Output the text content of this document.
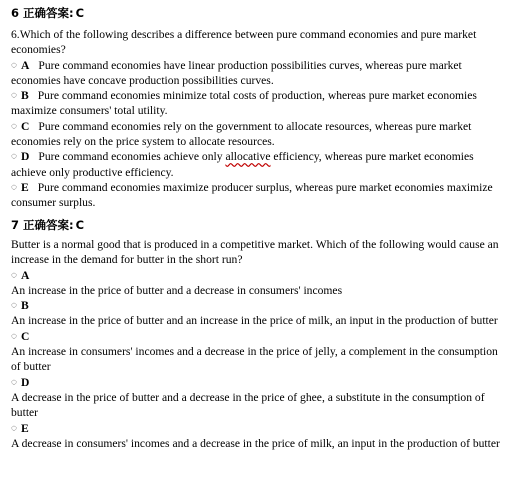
6 正确答案: C

6.Which of the following describes a difference between pure command economies and pure market economies?

◌ A Pure command economies have linear production possibilities curves, whereas pure market economies have concave production possibilities curves.

◌ B Pure command economies minimize total costs of production, whereas pure market economies maximize consumers' total utility.

◌ C Pure command economies rely on the government to allocate resources, whereas pure market economies rely on the price system to allocate resources.

◌ D Pure command economies achieve only allocative efficiency, whereas pure market economies achieve only productive efficiency.

◌ E Pure command economies maximize producer surplus, whereas pure market economies maximize consumer surplus.

7 正确答案: C

Butter is a normal good that is produced in a competitive market. Which of the following would cause an increase in the demand for butter in the short run?

◌ A
An increase in the price of butter and a decrease in consumers' incomes
◌ B
An increase in the price of butter and an increase in the price of milk, an input in the production of butter
◌ C
An increase in consumers' incomes and a decrease in the price of jelly, a complement in the consumption of butter
◌ D
A decrease in the price of butter and a decrease in the price of ghee, a substitute in the consumption of butter
◌ E
A decrease in consumers' incomes and a decrease in the price of milk, an input in the production of butter
